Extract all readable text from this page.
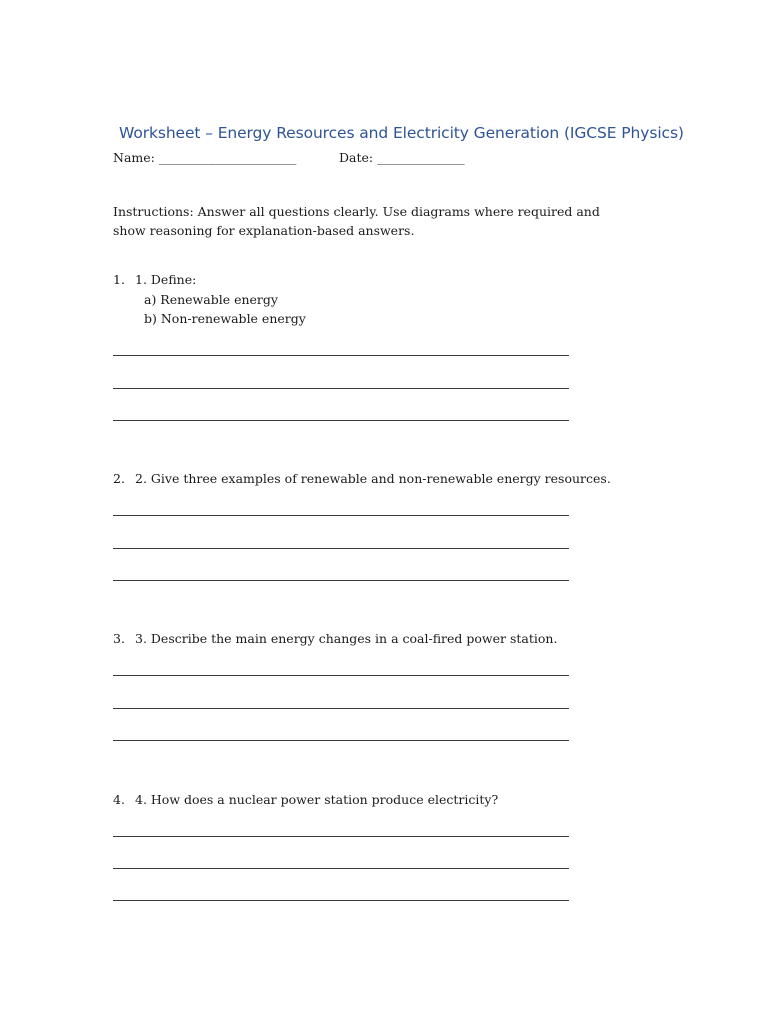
Worksheet – Energy Resources and Electricity Generation (IGCSE Physics)
Name: ______________________	Date: ______________
Instructions: Answer all questions clearly. Use diagrams where required and show reasoning for explanation-based answers.
1. 1. Define:
a) Renewable energy
b) Non-renewable energy
2. 2. Give three examples of renewable and non-renewable energy resources.
3. 3. Describe the main energy changes in a coal-fired power station.
4. 4. How does a nuclear power station produce electricity?
